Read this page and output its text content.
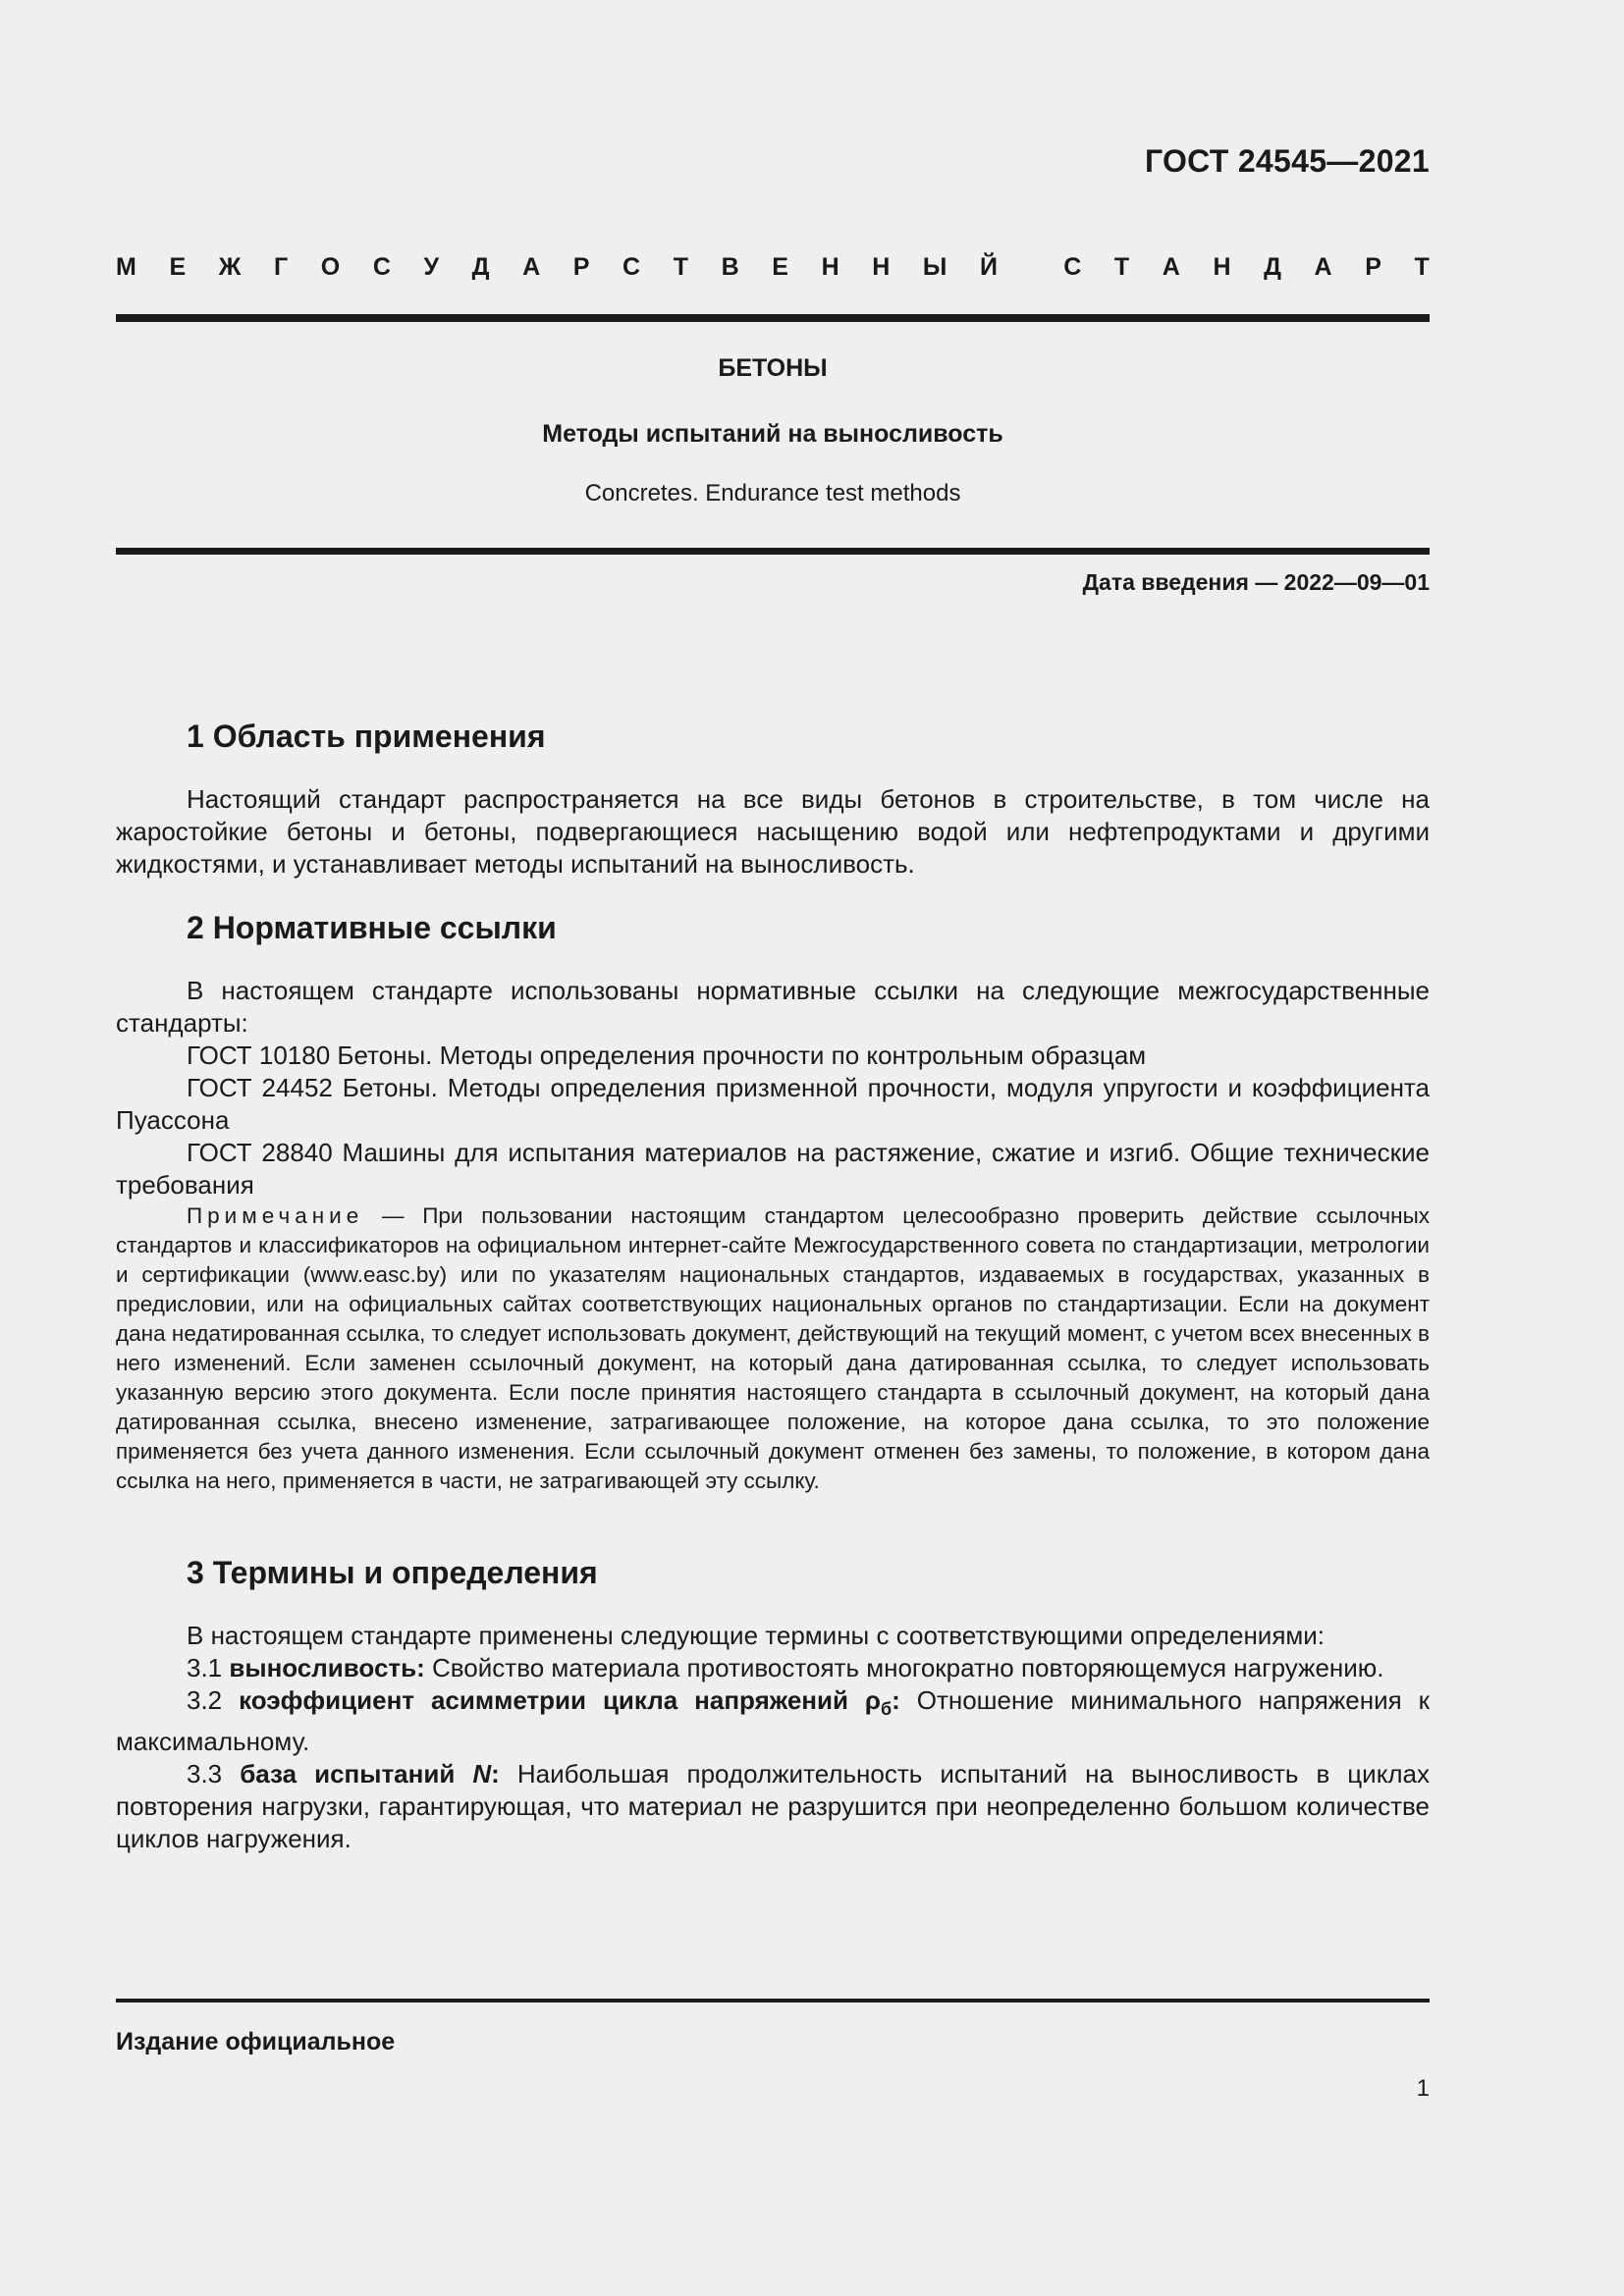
ГОСТ 24545—2021
М Е Ж Г О С У Д А Р С Т В Е Н Н Ы Й	С Т А Н Д А Р Т
БЕТОНЫ
Методы испытаний на выносливость
Concretes. Endurance test methods
Дата введения — 2022—09—01
1 Область применения

Настоящий стандарт распространяется на все виды бетонов в строительстве, в том числе на жаростойкие бетоны и бетоны, подвергающиеся насыщению водой или нефтепродуктами и другими жидкостями, и устанавливает методы испытаний на выносливость.

2 Нормативные ссылки

В настоящем стандарте использованы нормативные ссылки на следующие межгосударственные стандарты:

ГОСТ 10180 Бетоны. Методы определения прочности по контрольным образцам

ГОСТ 24452 Бетоны. Методы определения призменной прочности, модуля упругости и коэффициента Пуассона

ГОСТ 28840 Машины для испытания материалов на растяжение, сжатие и изгиб. Общие технические требования

Примечание — При пользовании настоящим стандартом целесообразно проверить действие ссылочных стандартов и классификаторов на официальном интернет-сайте Межгосударственного совета по стандартизации, метрологии и сертификации (www.easc.by) или по указателям национальных стандартов, издаваемых в государствах, указанных в предисловии, или на официальных сайтах соответствующих национальных органов по стандартизации. Если на документ дана недатированная ссылка, то следует использовать документ, действующий на текущий момент, с учетом всех внесенных в него изменений. Если заменен ссылочный документ, на который дана датированная ссылка, то следует использовать указанную версию этого документа. Если после принятия настоящего стандарта в ссылочный документ, на который дана датированная ссылка, внесено изменение, затрагивающее положение, на которое дана ссылка, то это положение применяется без учета данного изменения. Если ссылочный документ отменен без замены, то положение, в котором дана ссылка на него, применяется в части, не затрагивающей эту ссылку.

3 Термины и определения

В настоящем стандарте применены следующие термины с соответствующими определениями:

3.1 выносливость: Свойство материала противостоять многократно повторяющемуся нагружению.

3.2 коэффициент асимметрии цикла напряжений $\rho_б$: Отношение минимального напряжения к максимальному.

3.3 база испытаний N: Наибольшая продолжительность испытаний на выносливость в циклах повторения нагрузки, гарантирующая, что материал не разрушится при неопределенно большом количестве циклов нагружения.

Издание официальное
1
